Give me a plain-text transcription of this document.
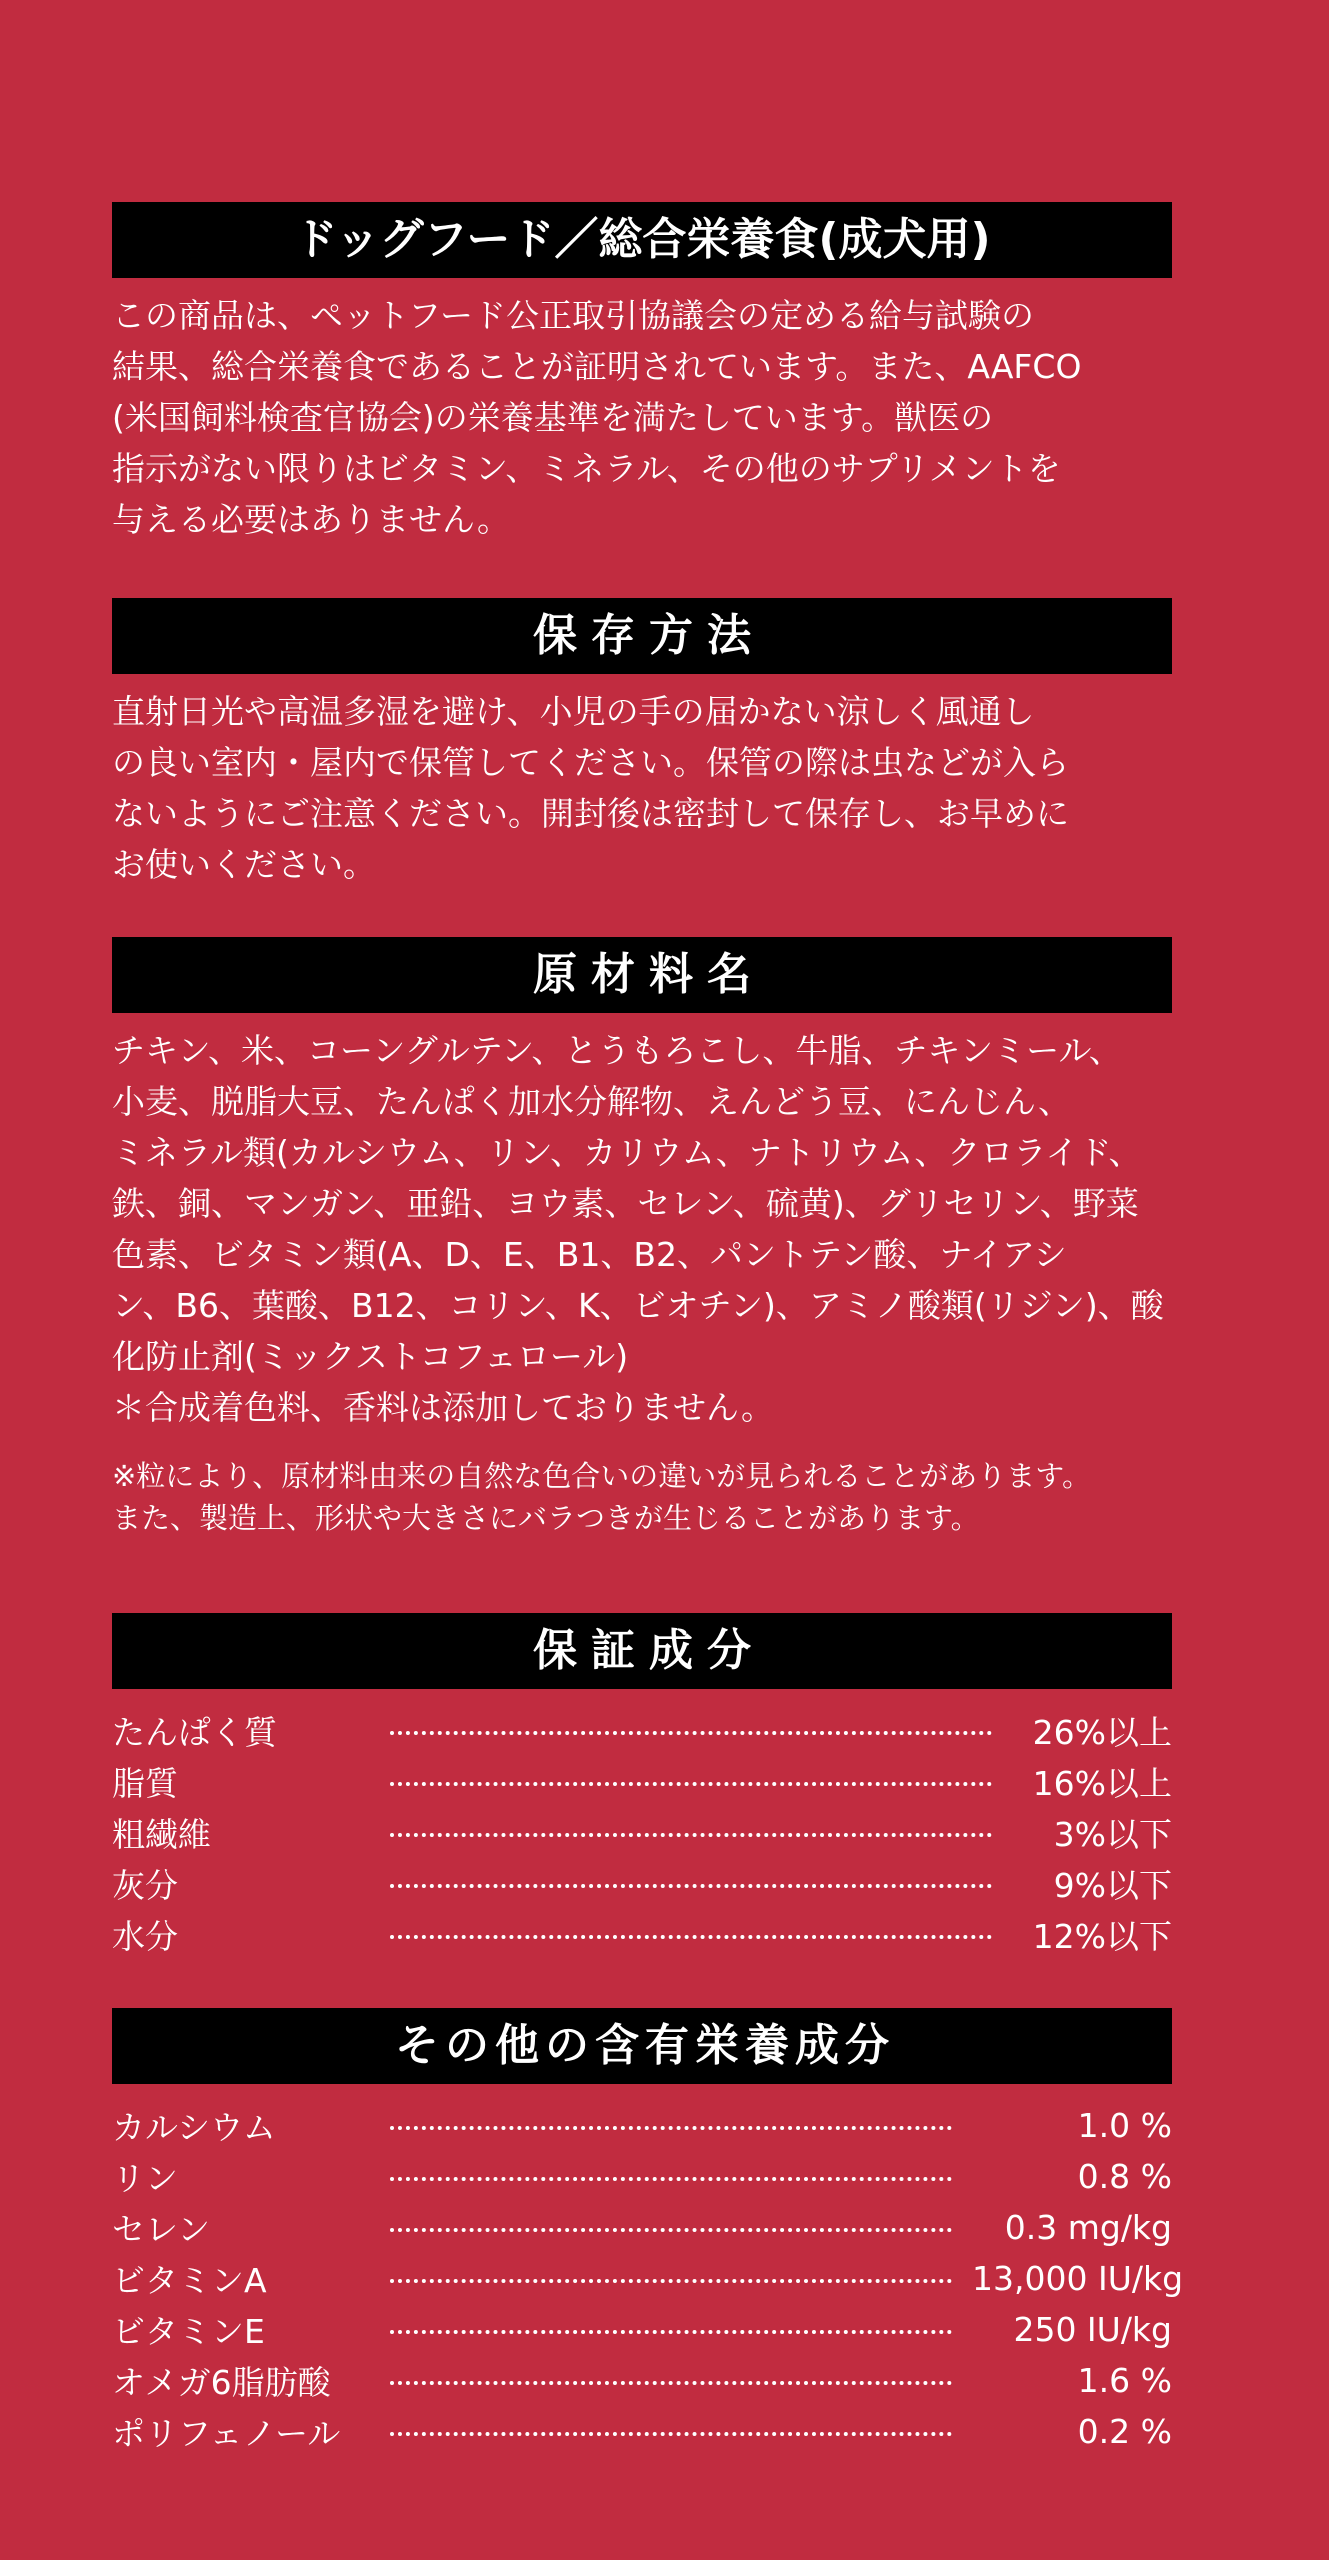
ドッグフード／総合栄養食(成犬用)
この商品は、ペットフード公正取引協議会の定める給与試験の
結果、総合栄養食であることが証明されています。また、AAFCO
(米国飼料検査官協会)の栄養基準を満たしています。獣医の
指示がない限りはビタミン、ミネラル、その他のサプリメントを
与える必要はありません。
保存方法
直射日光や高温多湿を避け、小児の手の届かない涼しく風通し
の良い室内・屋内で保管してください。保管の際は虫などが入ら
ないようにご注意ください。開封後は密封して保存し、お早めに
お使いください。
原材料名
チキン、米、コーングルテン、とうもろこし、牛脂、チキンミール、
小麦、脱脂大豆、たんぱく加水分解物、えんどう豆、にんじん、
ミネラル類(カルシウム、リン、カリウム、ナトリウム、クロライド、
鉄、銅、マンガン、亜鉛、ヨウ素、セレン、硫黄)、グリセリン、野菜
色素、ビタミン類(A、D、E、B1、B2、パントテン酸、ナイアシ
ン、B6、葉酸、B12、コリン、K、ビオチン)、アミノ酸類(リジン)、酸
化防止剤(ミックストコフェロール)
＊合成着色料、香料は添加しておりません。
※粒により、原材料由来の自然な色合いの違いが見られることがあります。
また、製造上、形状や大きさにバラつきが生じることがあります。
保証成分
たんぱく質	26%以上
脂質	16%以上
粗繊維	3%以下
灰分	9%以下
水分	12%以下
その他の含有栄養成分
カルシウム	1.0 %
リン	0.8 %
セレン	0.3 mg/kg
ビタミンA	13,000 IU/kg
ビタミンE	250 IU/kg
オメガ6脂肪酸	1.6 %
ポリフェノール	0.2 %
